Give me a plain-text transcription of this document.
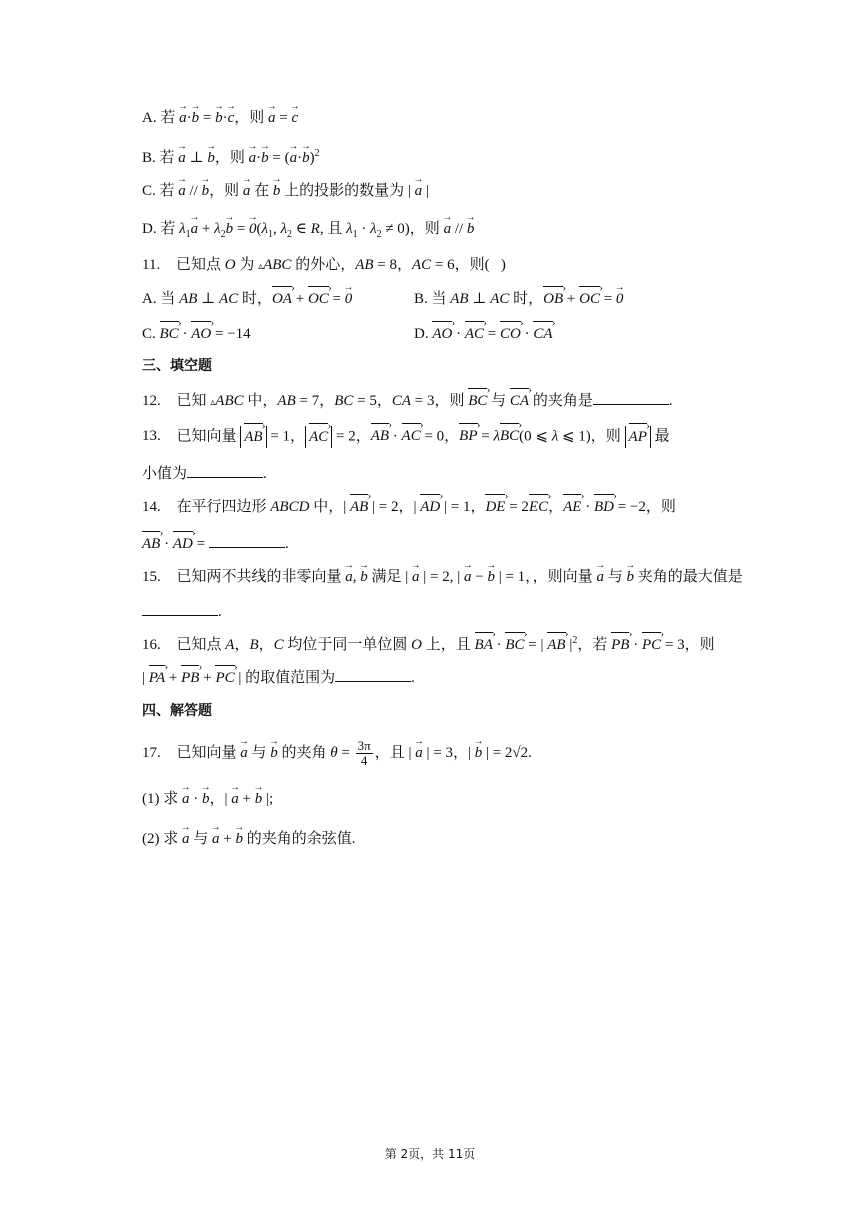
A. 若 → a·→ b = → b·→ c，则 → a = → c
B. 若 → a ⊥ → b，则 → a·→ b = (→ a·→ b)$^2$
C. 若 → a // → b，则 → a 在 → b 上的投影的数量为 | → a |
D. 若 $\lambda_1\to a + \lambda_2\to b$ = → $0(\lambda_1$, $\lambda_2$ ∈ R, 且 $\lambda_1 \cdot \lambda_2 \ne 0$)，则 → a // → b
11. 已知点 O 为 ▵ABC 的外心，AB = 8，AC = 6，则(   )
A. 当 AB ⊥ AC 时，OA › + OC › = → 0	B. 当 AB ⊥ AC 时，OB › + OC › = → 0
C. BC › · AO › = −14	D. AO › · AC › = CO › · CA ›
三、填空题
12. 已知 ▵ABC 中，AB = 7，BC = 5，CA = 3，则 BC › 与 CA › 的夹角是	.
13. 已知向量 AB › = 1， AC › = 2，AB › · AC › = 0，BP › = λBC ›(0 ⩽ λ ⩽ 1)，则 AP › 最
小值为	.
14. 在平行四边形 ABCD 中，| AB › | = 2，| AD › | = 1，DE › = 2EC ›，AE › · BD › = −2，则
AB › · AD › =	.
15. 已知两不共线的非零向量 → a, → b 满足 | → a | = 2, | → a − → b | = 1，，则向量 → a 与 → b 夹角的最大值是
.
16. 已知点 A，B，C 均位于同一单位圆 O 上，且 BA › · BC › = | AB › $|^2$，若 PB › · PC › = 3，则
| PA › + PB › + PC › | 的取值范围为	.
四、解答题
17. 已知向量 → a 与 → b 的夹角 $\theta = \frac{3\pi}{4}$ ，且 | → a | = 3，| → b | = 2√2.
(1) 求 → a · → b，| → a + → b |;
(2) 求 → a 与 → a + → b 的夹角的余弦值.
第 2页，共 11页
